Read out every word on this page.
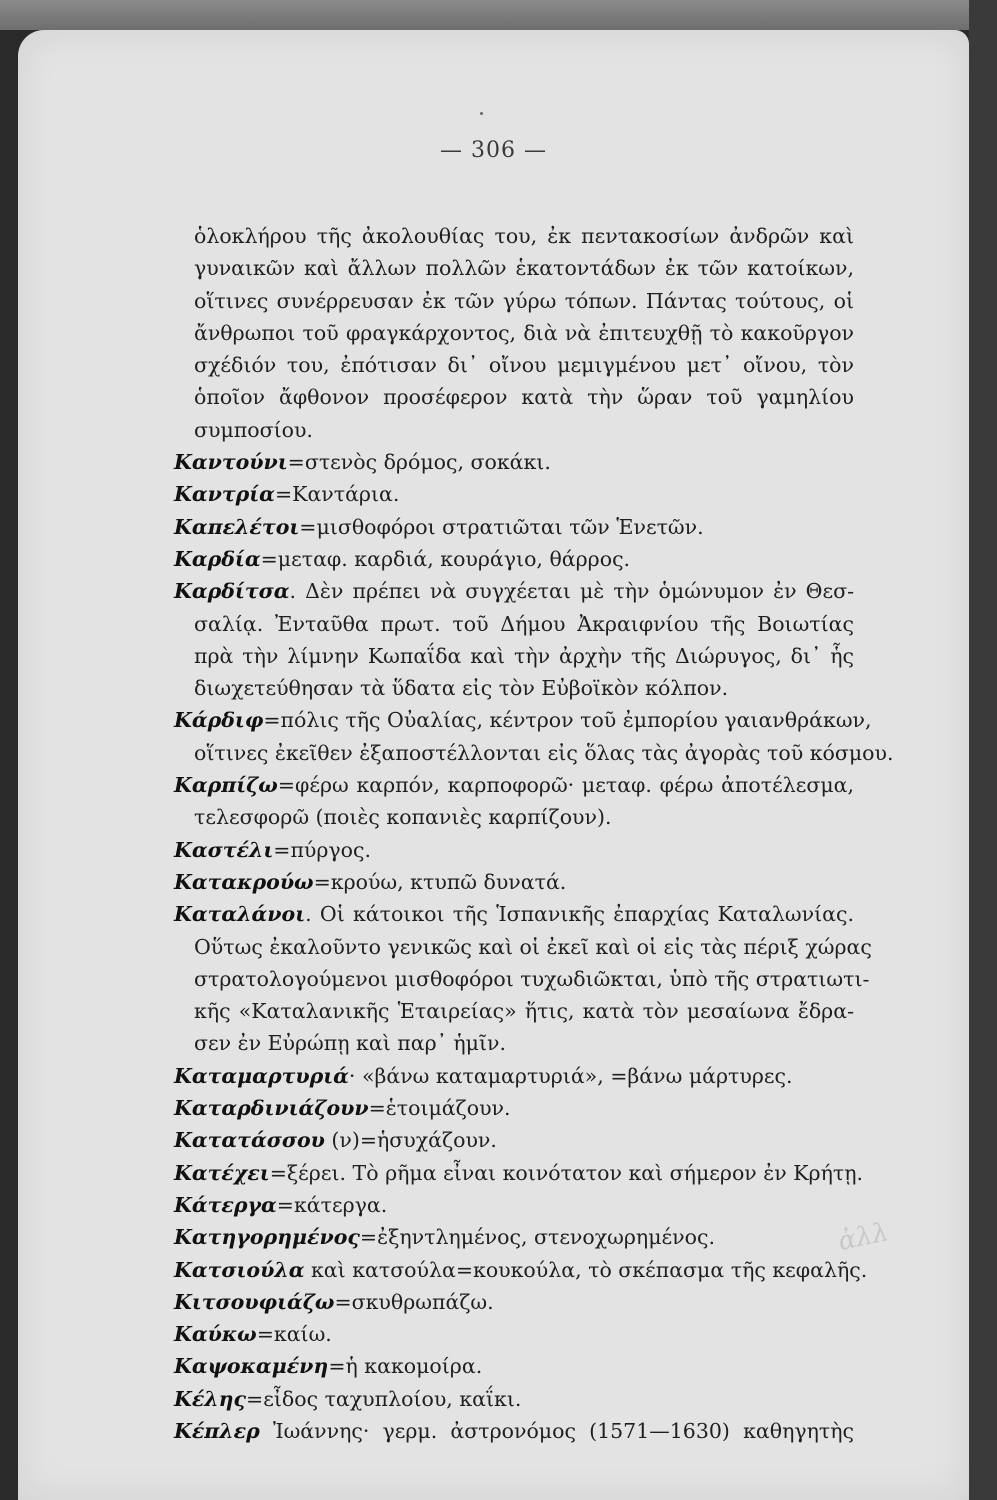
— 306 —
ὁλοκλήρου τῆς ἀκολουθίας του, ἐκ πεντακοσίων ἀνδρῶν καὶ
γυναικῶν καὶ ἄλλων πολλῶν ἑκατοντάδων ἐκ τῶν κατοίκων,
οἵτινες συνέρρευσαν ἐκ τῶν γύρω τόπων. Πάντας τούτους, οἱ
ἄνθρωποι τοῦ φραγκάρχοντος, διὰ νὰ ἐπιτευχθῇ τὸ κακοῦργον
σχέδιόν του, ἐπότισαν δι᾽ οἴνου μεμιγμένου μετ᾽ οἴνου, τὸν
ὁποῖον ἄφθονον προσέφερον κατὰ τὴν ὥραν τοῦ γαμηλίου
συμποσίου.
Καντούνι=στενὸς δρόμος, σοκάκι.
Καντρία=Καντάρια.
Καπελέτοι=μισθοφόροι στρατιῶται τῶν Ἑνετῶν.
Καρδία=μεταφ. καρδιά, κουράγιο, θάρρος.
Καρδίτσα. Δὲν πρέπει νὰ συγχέεται μὲ τὴν ὁμώνυμον ἐν Θεσ-
σαλίᾳ. Ἐνταῦθα πρωτ. τοῦ Δήμου Ἀκραιφνίου τῆς Βοιωτίας
πρὰ τὴν λίμνην Κωπαΐδα καὶ τὴν ἀρχὴν τῆς Διώρυγος, δι᾽ ἧς
διωχετεύθησαν τὰ ὕδατα εἰς τὸν Εὐβοϊκὸν κόλπον.
Κάρδιφ=πόλις τῆς Οὐαλίας, κέντρον τοῦ ἐμπορίου γαιανθράκων,
οἵτινες ἐκεῖθεν ἐξαποστέλλονται εἰς ὅλας τὰς ἀγορὰς τοῦ κόσμου.
Καρπίζω=φέρω καρπόν, καρποφορῶ· μεταφ. φέρω ἀποτέλεσμα,
τελεσφορῶ (ποιὲς κοπανιὲς καρπίζουν).
Καστέλι=πύργος.
Κατακρούω=κρούω, κτυπῶ δυνατά.
Καταλάνοι. Οἱ κάτοικοι τῆς Ἱσπανικῆς ἐπαρχίας Καταλωνίας.
Οὕτως ἐκαλοῦντο γενικῶς καὶ οἱ ἐκεῖ καὶ οἱ εἰς τὰς πέριξ χώρας
στρατολογούμενοι μισθοφόροι τυχωδιῶκται, ὑπὸ τῆς στρατιωτι-
κῆς «Καταλανικῆς Ἑταιρείας» ἥτις, κατὰ τὸν μεσαίωνα ἔδρα-
σεν ἐν Εὐρώπῃ καὶ παρ᾽ ἡμῖν.
Καταμαρτυριά· «βάνω καταμαρτυριά», =βάνω μάρτυρες.
Καταρδινιάζουν=ἑτοιμάζουν.
Κατατάσσου (ν)=ἡσυχάζουν.
Κατέχει=ξέρει. Τὸ ρῆμα εἶναι κοινότατον καὶ σήμερον ἐν Κρήτῃ.
Κάτεργα=κάτεργα.
Κατηγορημένος=ἐξηντλημένος, στενοχωρημένος.
Κατσιούλα καὶ κατσούλα=κουκούλα, τὸ σκέπασμα τῆς κεφαλῆς.
Κιτσουφιάζω=σκυθρωπάζω.
Καύκω=καίω.
Καψοκαμένη=ἡ κακομοίρα.
Κέλης=εἶδος ταχυπλοίου, καΐκι.
Κέπλερ Ἰωάννης· γερμ. ἀστρονόμος (1571—1630) καθηγητὴς
ἀλλ
